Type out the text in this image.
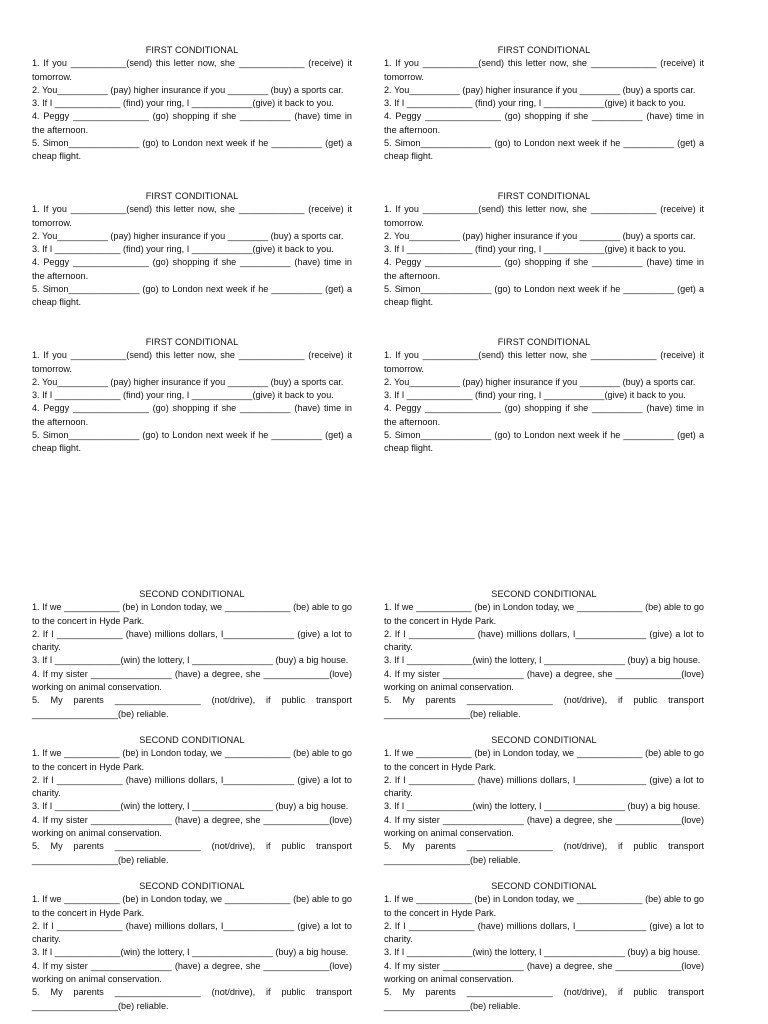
FIRST CONDITIONAL
1. If you ___________(send) this letter now, she _____________ (receive) it tomorrow.
2. You__________ (pay) higher insurance if you ________ (buy) a sports car.
3. If I _____________ (find) your ring, I ____________(give) it back to you.
4. Peggy _______________ (go) shopping if she __________ (have) time in the afternoon.
5. Simon______________ (go) to London next week if he __________ (get) a cheap flight.
FIRST CONDITIONAL
1. If you ___________(send) this letter now, she _____________ (receive) it tomorrow.
2. You__________ (pay) higher insurance if you ________ (buy) a sports car.
3. If I _____________ (find) your ring, I ____________(give) it back to you.
4. Peggy _______________ (go) shopping if she __________ (have) time in the afternoon.
5. Simon______________ (go) to London next week if he __________ (get) a cheap flight.
FIRST CONDITIONAL
1. If you ___________(send) this letter now, she _____________ (receive) it tomorrow.
2. You__________ (pay) higher insurance if you ________ (buy) a sports car.
3. If I _____________ (find) your ring, I ____________(give) it back to you.
4. Peggy _______________ (go) shopping if she __________ (have) time in the afternoon.
5. Simon______________ (go) to London next week if he __________ (get) a cheap flight.
FIRST CONDITIONAL
1. If you ___________(send) this letter now, she _____________ (receive) it tomorrow.
2. You__________ (pay) higher insurance if you ________ (buy) a sports car.
3. If I _____________ (find) your ring, I ____________(give) it back to you.
4. Peggy _______________ (go) shopping if she __________ (have) time in the afternoon.
5. Simon______________ (go) to London next week if he __________ (get) a cheap flight.
FIRST CONDITIONAL
1. If you ___________(send) this letter now, she _____________ (receive) it tomorrow.
2. You__________ (pay) higher insurance if you ________ (buy) a sports car.
3. If I _____________ (find) your ring, I ____________(give) it back to you.
4. Peggy _______________ (go) shopping if she __________ (have) time in the afternoon.
5. Simon______________ (go) to London next week if he __________ (get) a cheap flight.
FIRST CONDITIONAL
1. If you ___________(send) this letter now, she _____________ (receive) it tomorrow.
2. You__________ (pay) higher insurance if you ________ (buy) a sports car.
3. If I _____________ (find) your ring, I ____________(give) it back to you.
4. Peggy _______________ (go) shopping if she __________ (have) time in the afternoon.
5. Simon______________ (go) to London next week if he __________ (get) a cheap flight.
SECOND CONDITIONAL
1. If we ___________ (be) in London today, we _____________ (be) able to go to the concert in Hyde Park.
2. If I _____________ (have) millions dollars, I______________ (give) a lot to charity.
3. If I _____________(win) the lottery, I ________________ (buy) a big house.
4. If my sister ________________ (have) a degree, she _____________(love) working on animal conservation.
5. My parents _________________ (not/drive), if public transport _________________(be) reliable.
SECOND CONDITIONAL
1. If we ___________ (be) in London today, we _____________ (be) able to go to the concert in Hyde Park.
2. If I _____________ (have) millions dollars, I______________ (give) a lot to charity.
3. If I _____________(win) the lottery, I ________________ (buy) a big house.
4. If my sister ________________ (have) a degree, she _____________(love) working on animal conservation.
5. My parents _________________ (not/drive), if public transport _________________(be) reliable.
SECOND CONDITIONAL
1. If we ___________ (be) in London today, we _____________ (be) able to go to the concert in Hyde Park.
2. If I _____________ (have) millions dollars, I______________ (give) a lot to charity.
3. If I _____________(win) the lottery, I ________________ (buy) a big house.
4. If my sister ________________ (have) a degree, she _____________(love) working on animal conservation.
5. My parents _________________ (not/drive), if public transport _________________(be) reliable.
SECOND CONDITIONAL
1. If we ___________ (be) in London today, we _____________ (be) able to go to the concert in Hyde Park.
2. If I _____________ (have) millions dollars, I______________ (give) a lot to charity.
3. If I _____________(win) the lottery, I ________________ (buy) a big house.
4. If my sister ________________ (have) a degree, she _____________(love) working on animal conservation.
5. My parents _________________ (not/drive), if public transport _________________(be) reliable.
SECOND CONDITIONAL
1. If we ___________ (be) in London today, we _____________ (be) able to go to the concert in Hyde Park.
2. If I _____________ (have) millions dollars, I______________ (give) a lot to charity.
3. If I _____________(win) the lottery, I ________________ (buy) a big house.
4. If my sister ________________ (have) a degree, she _____________(love) working on animal conservation.
5. My parents _________________ (not/drive), if public transport _________________(be) reliable.
SECOND CONDITIONAL
1. If we ___________ (be) in London today, we _____________ (be) able to go to the concert in Hyde Park.
2. If I _____________ (have) millions dollars, I______________ (give) a lot to charity.
3. If I _____________(win) the lottery, I ________________ (buy) a big house.
4. If my sister ________________ (have) a degree, she _____________(love) working on animal conservation.
5. My parents _________________ (not/drive), if public transport _________________(be) reliable.
